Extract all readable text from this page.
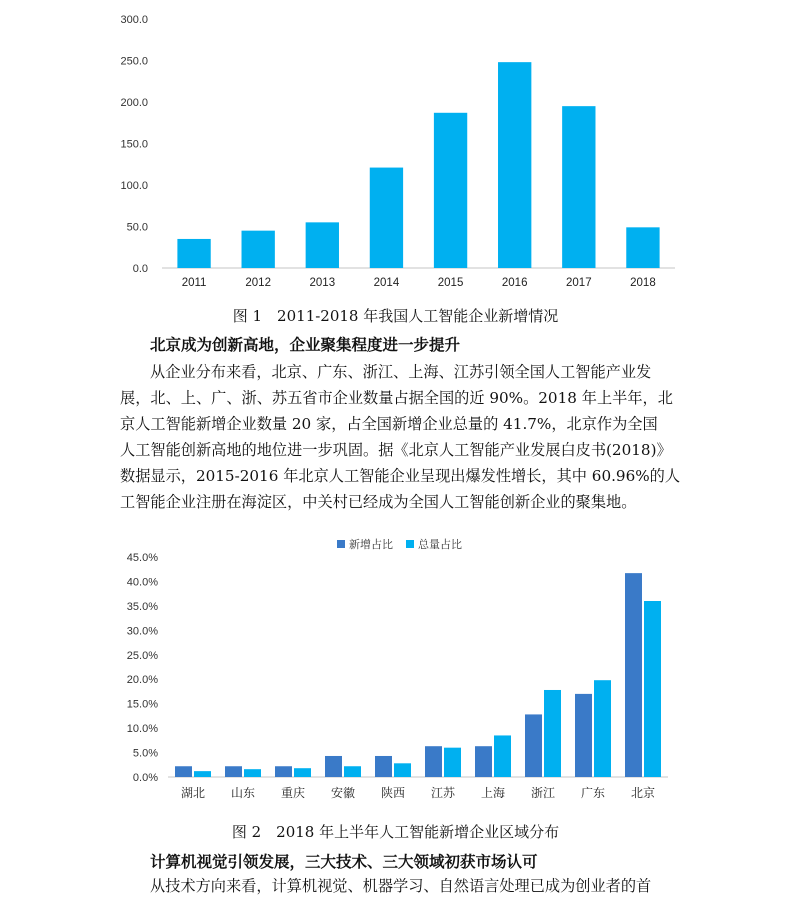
0.0
50.0
100.0
150.0
200.0
250.0
300.0
2011	2012	2013	2014	2015	2016	2017	2018
图 1　2011-2018 年我国人工智能企业新增情况
北京成为创新高地，企业聚集程度进一步提升
从企业分布来看，北京、广东、浙江、上海、江苏引领全国人工智能产业发
展，北、上、广、浙、苏五省市企业数量占据全国的近 90%。2018 年上半年，北
京人工智能新增企业数量 20 家，占全国新增企业总量的 41.7%，北京作为全国
人工智能创新高地的地位进一步巩固。据《北京人工智能产业发展白皮书(2018)》
数据显示，2015-2016 年北京人工智能企业呈现出爆发性增长，其中 60.96%的人
工智能企业注册在海淀区，中关村已经成为全国人工智能创新企业的聚集地。
新增占比 总量占比
0.0%
5.0%
10.0%
15.0%
20.0%
25.0%
30.0%
35.0%
40.0%
45.0%
湖北 山东 重庆 安徽 陕西 江苏 上海 浙江 广东 北京
图 2　2018 年上半年人工智能新增企业区域分布
计算机视觉引领发展，三大技术、三大领域初获市场认可
从技术方向来看，计算机视觉、机器学习、自然语言处理已成为创业者的首
